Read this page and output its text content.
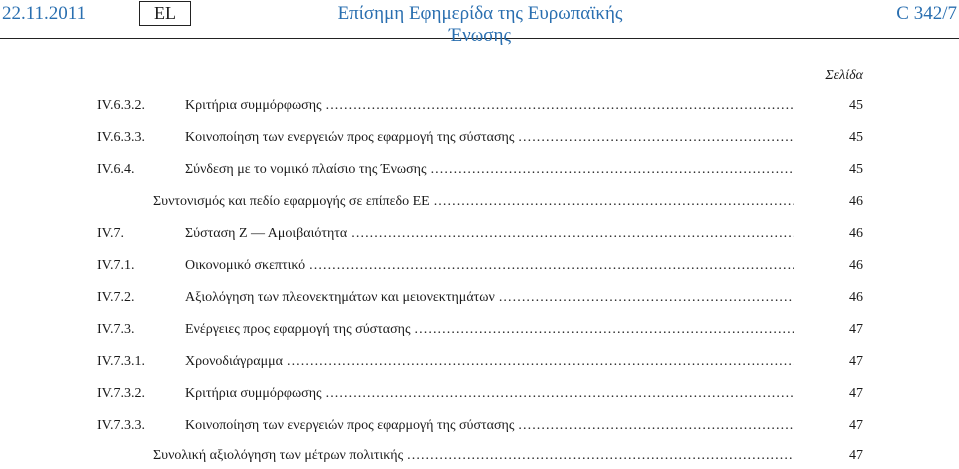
22.11.2011	EL	Επίσημη Εφημερίδα της Ευρωπαϊκής Ένωσης
C 342/7
Σελίδα
IV.6.3.2.	Κριτήρια συμμόρφωσης . . .	45
IV.6.3.3.	Κοινοποίηση των ενεργειών προς εφαρμογή της σύστασης . . .	45
IV.6.4.	Σύνδεση με το νομικό πλαίσιο της Ένωσης . . .	45
Συντονισμός και πεδίο εφαρμογής σε επίπεδο ΕΕ . . .	46
IV.7.	Σύσταση Ζ — Αμοιβαιότητα . . .	46
IV.7.1.	Οικονομικό σκεπτικό . . .	46
IV.7.2.	Αξιολόγηση των πλεονεκτημάτων και μειονεκτημάτων . . .	46
IV.7.3.	Ενέργειες προς εφαρμογή της σύστασης . . .	47
IV.7.3.1.	Χρονοδιάγραμμα . . .	47
IV.7.3.2.	Κριτήρια συμμόρφωσης . . .	47
IV.7.3.3.	Κοινοποίηση των ενεργειών προς εφαρμογή της σύστασης . . .	47
Συνολική αξιολόγηση των μέτρων πολιτικής . . .	47
